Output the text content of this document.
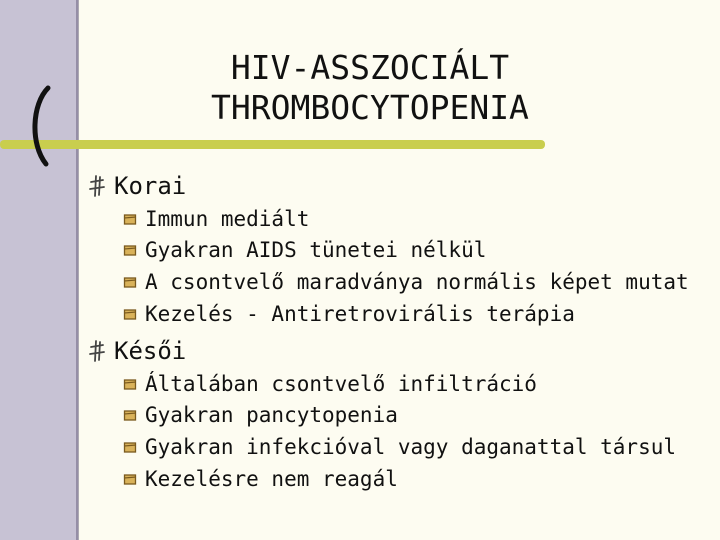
HIV-ASSZOCIÁLT
THROMBOCYTOPENIA
Korai
Immun mediált
Gyakran AIDS tünetei nélkül
A csontvelő maradványa normális képet mutat
Kezelés - Antiretrovirális terápia
Késői
Általában csontvelő infiltráció
Gyakran pancytopenia
Gyakran infekcióval vagy daganattal társul
Kezelésre nem reagál
